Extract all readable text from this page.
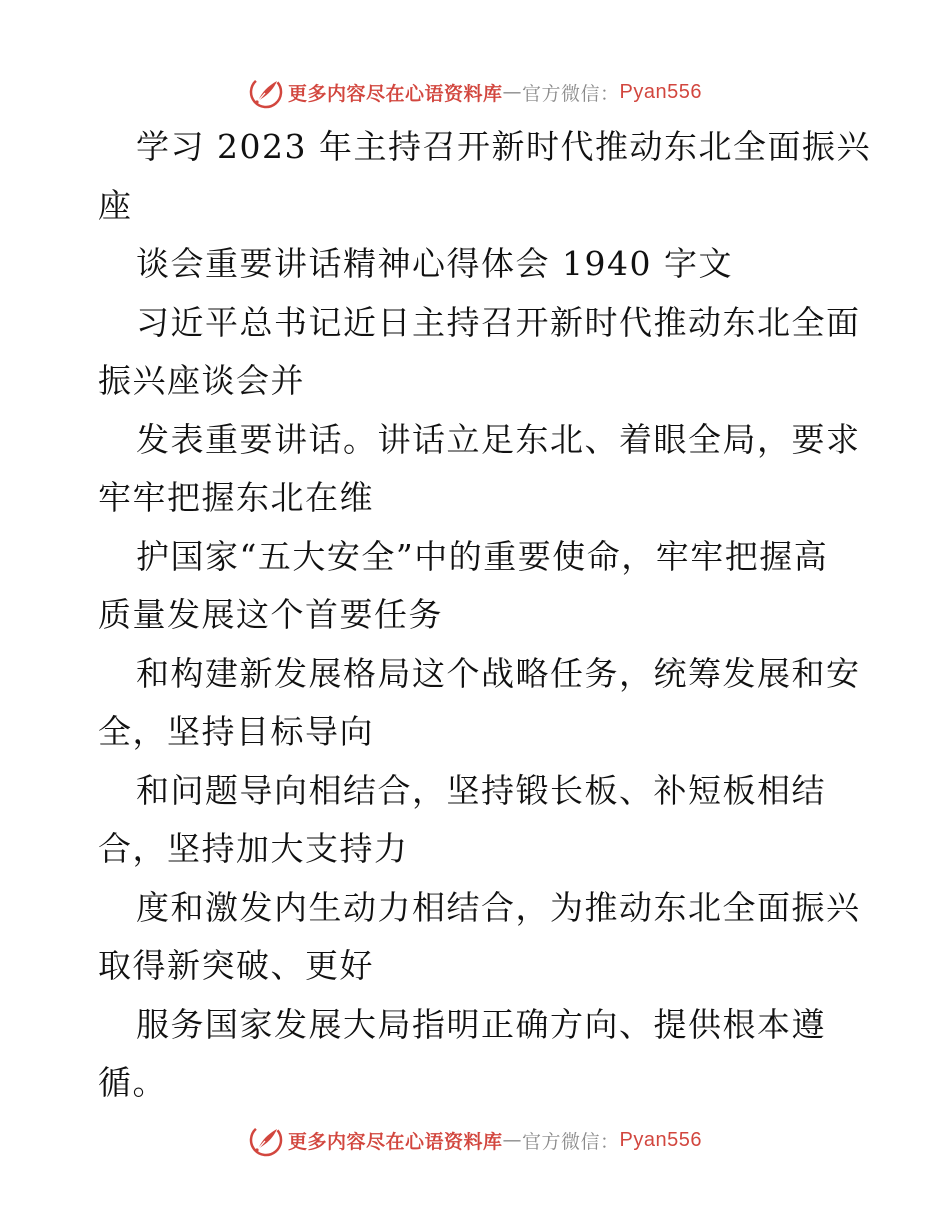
更多内容尽在心语资料库 — 官方微信： Pyan556
学习 2023 年主持召开新时代推动东北全面振兴
座
谈会重要讲话精神心得体会 1940 字文
习近平总书记近日主持召开新时代推动东北全面
振兴座谈会并
发表重要讲话。讲话立足东北、着眼全局，要求
牢牢把握东北在维
护国家“五大安全”中的重要使命，牢牢把握高
质量发展这个首要任务
和构建新发展格局这个战略任务，统筹发展和安
全，坚持目标导向
和问题导向相结合，坚持锻长板、补短板相结
合，坚持加大支持力
度和激发内生动力相结合，为推动东北全面振兴
取得新突破、更好
服务国家发展大局指明正确方向、提供根本遵
循。
更多内容尽在心语资料库 — 官方微信： Pyan556
